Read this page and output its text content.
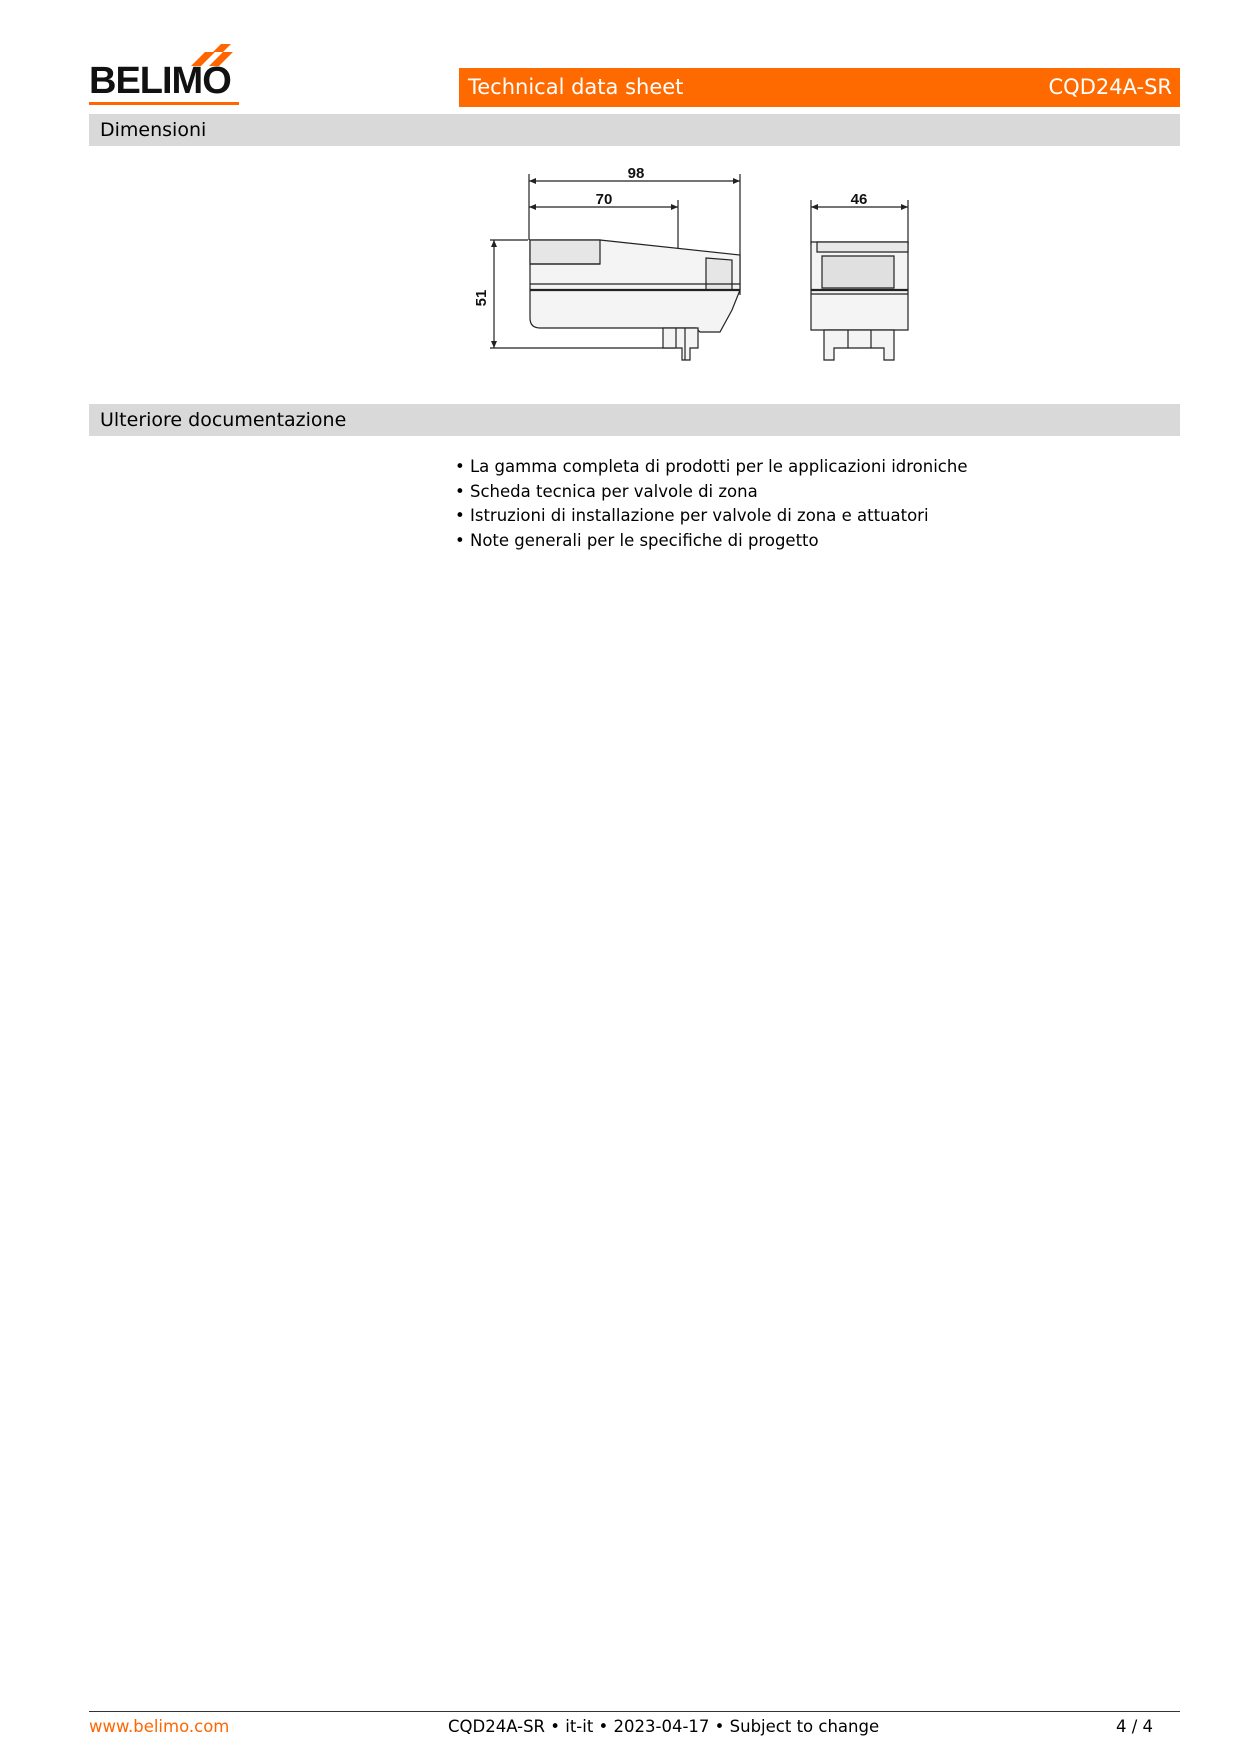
BELIMO	Technical data sheet	CQD24A-SR
Dimensioni
98
70
51
46
Ulteriore documentazione
• La gamma completa di prodotti per le applicazioni idroniche
• Scheda tecnica per valvole di zona
• Istruzioni di installazione per valvole di zona e attuatori
• Note generali per le specifiche di progetto
www.belimo.com	CQD24A-SR • it-it • 2023-04-17 • Subject to change	4 / 4
